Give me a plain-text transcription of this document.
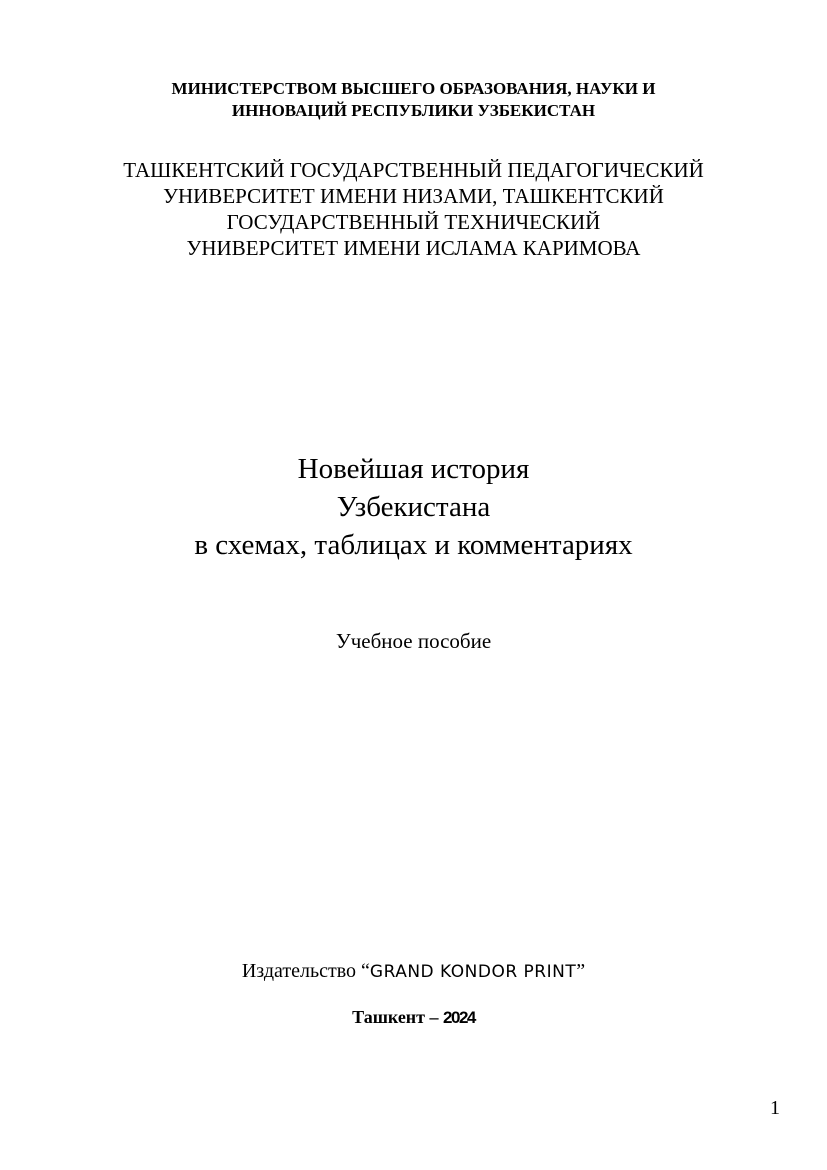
МИНИСТЕРСТВОМ ВЫСШЕГО ОБРАЗОВАНИЯ, НАУКИ И
ИННОВАЦИЙ РЕСПУБЛИКИ УЗБЕКИСТАН
ТАШКЕНТСКИЙ ГОСУДАРСТВЕННЫЙ ПЕДАГОГИЧЕСКИЙ
УНИВЕРСИТЕТ ИМЕНИ НИЗАМИ, ТАШКЕНТСКИЙ
ГОСУДАРСТВЕННЫЙ ТЕХНИЧЕСКИЙ
УНИВЕРСИТЕТ ИМЕНИ ИСЛАМА КАРИМОВА
Новейшая история
Узбекистана
в схемах, таблицах и комментариях
Учебное пособие
Издательство “GRAND KONDOR PRINT”
Ташкент – 2024
1
